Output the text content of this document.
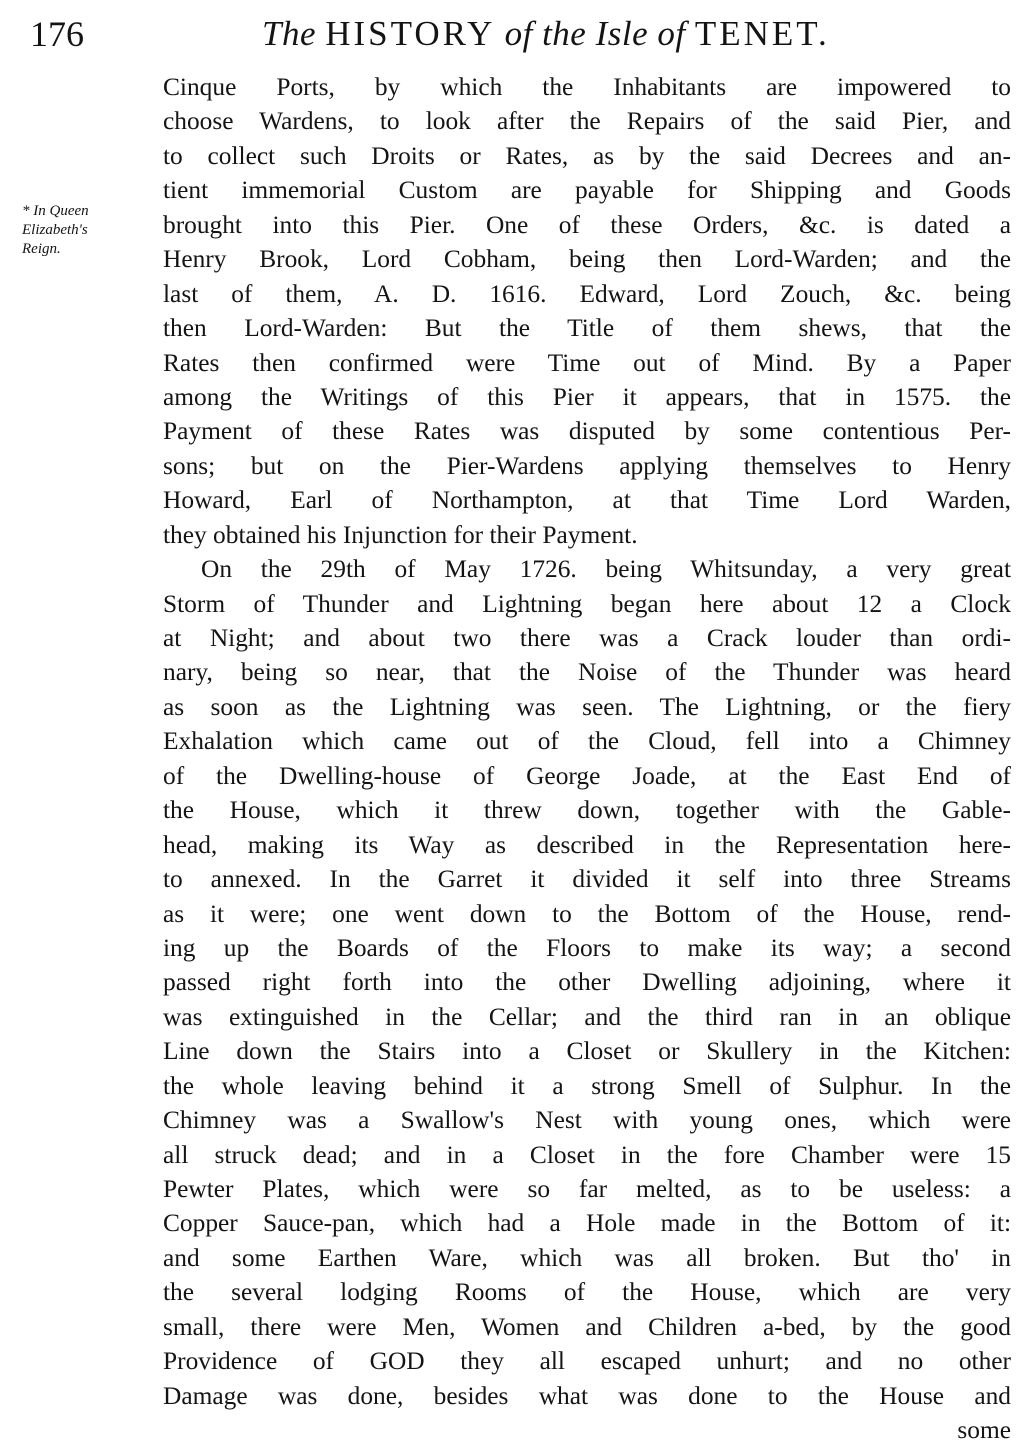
176	The HISTORY of the Isle of TENET.
* In Queen
Elizabeth's
Reign.
Cinque Ports, by which the Inhabitants are impowered to
choose Wardens, to look after the Repairs of the said Pier, and
to collect such Droits or Rates, as by the said Decrees and an-
tient immemorial Custom are payable for Shipping and Goods
brought into this Pier. One of these Orders, &c. is dated a
Henry Brook, Lord Cobham, being then Lord-Warden; and the
last of them, A. D. 1616. Edward, Lord Zouch, &c. being
then Lord-Warden: But the Title of them shews, that the
Rates then confirmed were Time out of Mind. By a Paper
among the Writings of this Pier it appears, that in 1575. the
Payment of these Rates was disputed by some contentious Per-
sons; but on the Pier-Wardens applying themselves to Henry
Howard, Earl of Northampton, at that Time Lord Warden,
they obtained his Injunction for their Payment.
On the 29th of May 1726. being Whitsunday, a very great
Storm of Thunder and Lightning began here about 12 a Clock
at Night; and about two there was a Crack louder than ordi-
nary, being so near, that the Noise of the Thunder was heard
as soon as the Lightning was seen. The Lightning, or the fiery
Exhalation which came out of the Cloud, fell into a Chimney
of the Dwelling-house of George Joade, at the East End of
the House, which it threw down, together with the Gable-
head, making its Way as described in the Representation here-
to annexed. In the Garret it divided it self into three Streams
as it were; one went down to the Bottom of the House, rend-
ing up the Boards of the Floors to make its way; a second
passed right forth into the other Dwelling adjoining, where it
was extinguished in the Cellar; and the third ran in an oblique
Line down the Stairs into a Closet or Skullery in the Kitchen:
the whole leaving behind it a strong Smell of Sulphur. In the
Chimney was a Swallow's Nest with young ones, which were
all struck dead; and in a Closet in the fore Chamber were 15
Pewter Plates, which were so far melted, as to be useless: a
Copper Sauce-pan, which had a Hole made in the Bottom of it:
and some Earthen Ware, which was all broken. But tho' in
the several lodging Rooms of the House, which are very
small, there were Men, Women and Children a-bed, by the good
Providence of GOD they all escaped unhurt; and no other
Damage was done, besides what was done to the House and
some
